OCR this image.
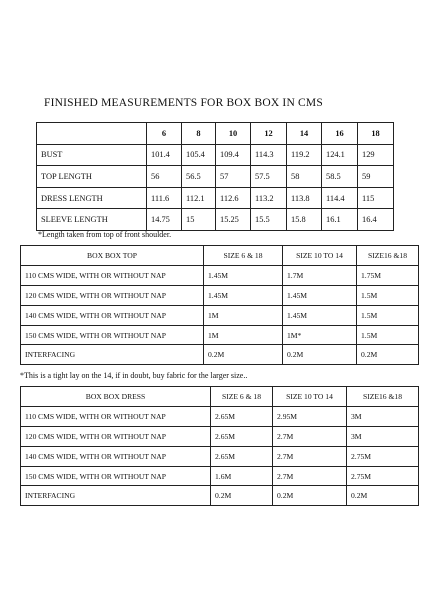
FINISHED MEASUREMENTS FOR BOX BOX IN CMS
	6	8	10	12	14	16	18
BUST	101.4	105.4	109.4	114.3	119.2	124.1	129
TOP LENGTH	56	56.5	57	57.5	58	58.5	59
DRESS LENGTH	111.6	112.1	112.6	113.2	113.8	114.4	115
SLEEVE LENGTH	14.75	15	15.25	15.5	15.8	16.1	16.4
*Length taken from top of front shoulder.
BOX BOX TOP	SIZE 6 & 18	SIZE 10 TO 14	SIZE16 &18
110 CMS WIDE, WITH OR WITHOUT NAP	1.45M	1.7M	1.75M
120 CMS WIDE, WITH OR WITHOUT NAP	1.45M	1.45M	1.5M
140 CMS WIDE, WITH OR WITHOUT NAP	1M	1.45M	1.5M
150 CMS WIDE, WITH OR WITHOUT NAP	1M	1M*	1.5M
INTERFACING	0.2M	0.2M	0.2M
*This is a tight lay on the 14, if in doubt, buy fabric for the larger size..
BOX BOX DRESS	SIZE 6 & 18	SIZE 10 TO 14	SIZE16 &18
110 CMS WIDE, WITH OR WITHOUT NAP	2.65M	2.95M	3M
120 CMS WIDE, WITH OR WITHOUT NAP	2.65M	2.7M	3M
140 CMS WIDE, WITH OR WITHOUT NAP	2.65M	2.7M	2.75M
150 CMS WIDE, WITH OR WITHOUT NAP	1.6M	2.7M	2.75M
INTERFACING	0.2M	0.2M	0.2M
